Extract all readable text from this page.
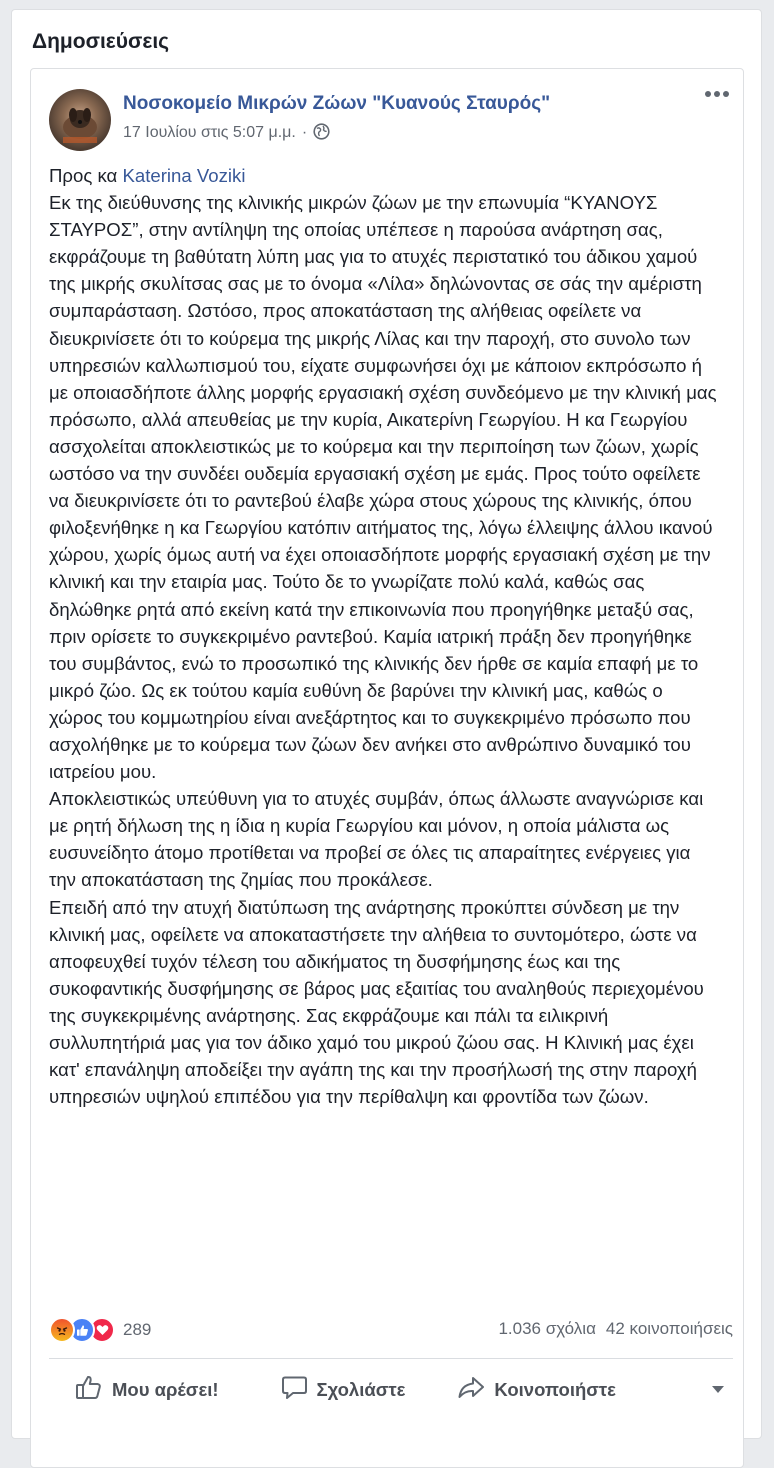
Δημοσιεύσεις
Νοσοκομείο Μικρών Ζώων "Κυανούς Σταυρός"
17 Ιουλίου στις 5:07 μ.μ. ·

Προς κα Katerina Voziki

Εκ της διεύθυνσης της κλινικής μικρών ζώων με την επωνυμία “ΚΥΑΝΟΥΣ ΣΤΑΥΡΟΣ”, στην αντίληψη της οποίας υπέπεσε η παρούσα ανάρτηση σας, εκφράζουμε τη βαθύτατη λύπη μας για το ατυχές περιστατικό του άδικου χαμού της μικρής σκυλίτσας σας με το όνομα «Λίλα» δηλώνοντας σε σάς την αμέριστη συμπαράσταση. Ωστόσο, προς αποκατάσταση της αλήθειας οφείλετε να διευκρινίσετε ότι το κούρεμα της μικρής Λίλας και την παροχή, στο συνολο των υπηρεσιών καλλωπισμού του, είχατε συμφωνήσει όχι με κάποιον εκπρόσωπο ή με οποιασδήποτε άλλης μορφής εργασιακή σχέση συνδεόμενο με την κλινική μας πρόσωπο, αλλά απευθείας με την κυρία, Αικατερίνη Γεωργίου. Η κα Γεωργίου ασσχολείται αποκλειστικώς με το κούρεμα και την περιποίηση των ζώων, χωρίς ωστόσο να την συνδέει ουδεμία εργασιακή σχέση με εμάς. Προς τούτο οφείλετε να διευκρινίσετε ότι το ραντεβού έλαβε χώρα στους χώρους της κλινικής, όπου φιλοξενήθηκε η κα Γεωργίου κατόπιν αιτήματος της, λόγω έλλειψης άλλου ικανού χώρου, χωρίς όμως αυτή να έχει οποιασδήποτε μορφής εργασιακή σχέση με την κλινική και την εταιρία μας. Τούτο δε το γνωρίζατε πολύ καλά, καθώς σας δηλώθηκε ρητά από εκείνη κατά την επικοινωνία που προηγήθηκε μεταξύ σας, πριν ορίσετε το συγκεκριμένο ραντεβού. Καμία ιατρική πράξη δεν προηγήθηκε του συμβάντος, ενώ το προσωπικό της κλινικής δεν ήρθε σε καμία επαφή με το μικρό ζώο. Ως εκ τούτου καμία ευθύνη δε βαρύνει την κλινική μας, καθώς ο χώρος του κομμωτηρίου είναι ανεξάρτητος και το συγκεκριμένο πρόσωπο που ασχολήθηκε με το κούρεμα των ζώων δεν ανήκει στο ανθρώπινο δυναμικό του ιατρείου μου.

Αποκλειστικώς υπεύθυνη για το ατυχές συμβάν, όπως άλλωστε αναγνώρισε και με ρητή δήλωση της η ίδια η κυρία Γεωργίου και μόνον, η οποία μάλιστα ως ευσυνείδητο άτομο προτίθεται να προβεί σε όλες τις απαραίτητες ενέργειες για την αποκατάσταση της ζημίας που προκάλεσε.

Επειδή από την ατυχή διατύπωση της ανάρτησης προκύπτει σύνδεση με την κλινική μας, οφείλετε να αποκαταστήσετε την αλήθεια το συντομότερο, ώστε να αποφευχθεί τυχόν τέλεση του αδικήματος τη δυσφήμησης έως και της συκοφαντικής δυσφήμησης σε βάρος μας εξαιτίας του αναληθούς περιεχομένου της συγκεκριμένης ανάρτησης. Σας εκφράζουμε και πάλι τα ειλικρινή συλλυπητήριά μας για τον άδικο χαμό του μικρού ζώου σας. Η Κλινική μας έχει κατ' επανάληψη αποδείξει την αγάπη της και την προσήλωσή της στην παροχή υπηρεσιών υψηλού επιπέδου για την περίθαλψη και φροντίδα των ζώων.

289	1.036 σχόλια 42 κοινοποιήσεις
Μου αρέσει!	Σχολιάστε	Κοινοποιήστε
